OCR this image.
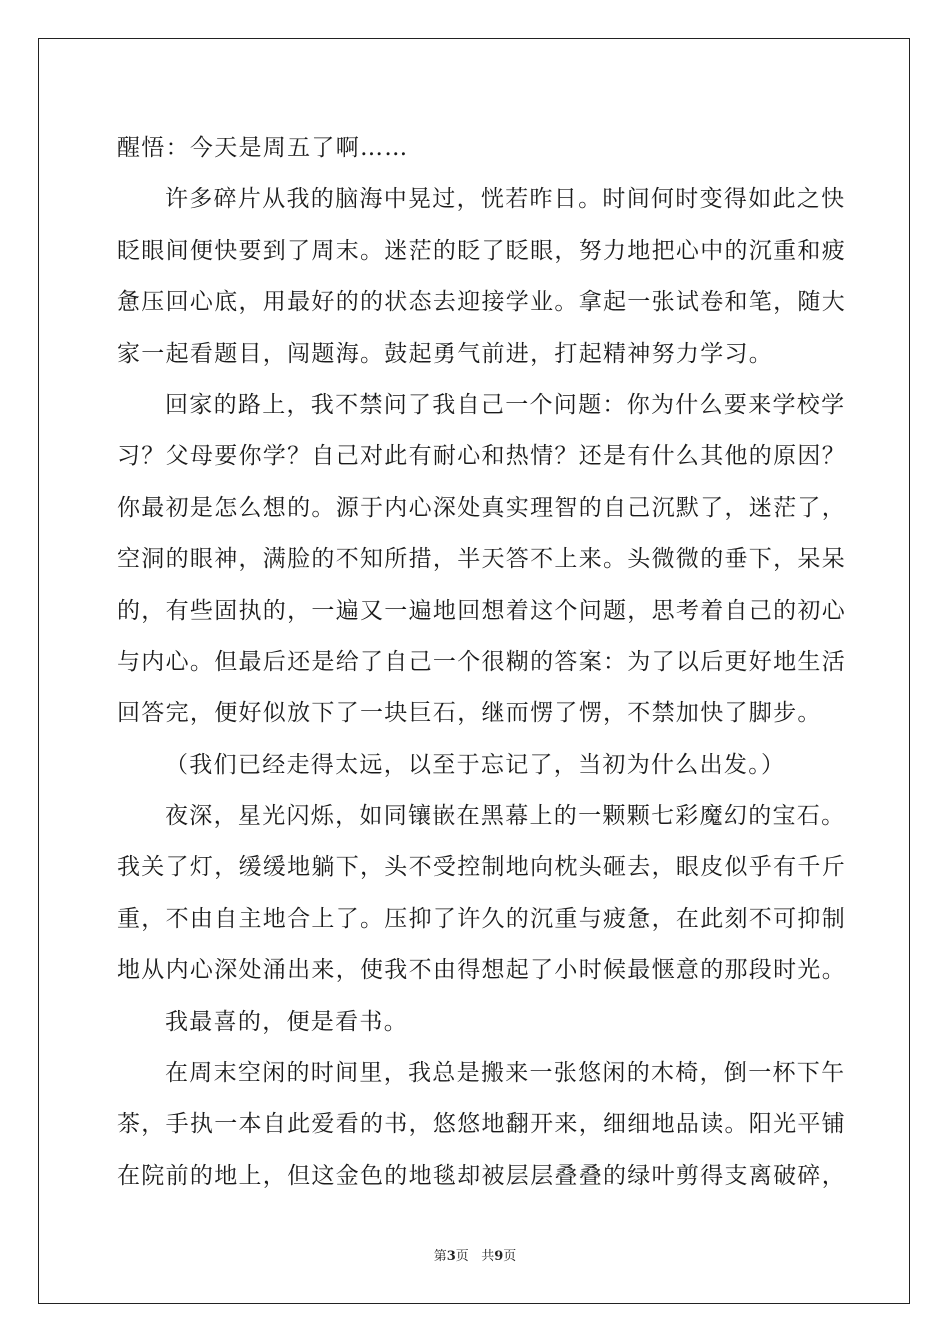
醒悟：今天是周五了啊……
许多碎片从我的脑海中晃过，恍若昨日。时间何时变得如此之快
眨眼间便快要到了周末。迷茫的眨了眨眼，努力地把心中的沉重和疲
惫压回心底，用最好的的状态去迎接学业。拿起一张试卷和笔，随大
家一起看题目，闯题海。鼓起勇气前进，打起精神努力学习。
回家的路上，我不禁问了我自己一个问题：你为什么要来学校学
习？父母要你学？自己对此有耐心和热情？还是有什么其他的原因？
你最初是怎么想的。源于内心深处真实理智的自己沉默了，迷茫了，
空洞的眼神，满脸的不知所措，半天答不上来。头微微的垂下，呆呆
的，有些固执的，一遍又一遍地回想着这个问题，思考着自己的初心
与内心。但最后还是给了自己一个很糊的答案：为了以后更好地生活
回答完，便好似放下了一块巨石，继而愣了愣，不禁加快了脚步。
（我们已经走得太远，以至于忘记了，当初为什么出发。）
夜深，星光闪烁，如同镶嵌在黑幕上的一颗颗七彩魔幻的宝石。
我关了灯，缓缓地躺下，头不受控制地向枕头砸去，眼皮似乎有千斤
重，不由自主地合上了。压抑了许久的沉重与疲惫，在此刻不可抑制
地从内心深处涌出来，使我不由得想起了小时候最惬意的那段时光。
我最喜的，便是看书。
在周末空闲的时间里，我总是搬来一张悠闲的木椅，倒一杯下午
茶，手执一本自此爱看的书，悠悠地翻开来，细细地品读。阳光平铺
在院前的地上，但这金色的地毯却被层层叠叠的绿叶剪得支离破碎，
第3页 共9页
